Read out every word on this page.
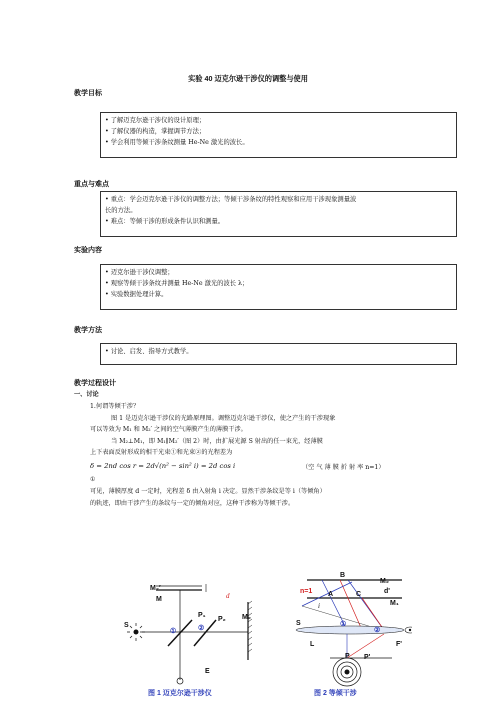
实验 40 迈克尔逊干涉仪的调整与使用
教学目标
• 了解迈克尔逊干涉仪的设计原理；
• 了解仪器的构造，掌握调节方法；
• 学会利用等倾干涉条纹测量 He-Ne 激光的波长。
重点与难点
• 重点：学会迈克尔逊干涉仪的调整方法；等倾干涉条纹的特性观察和应用干涉现象测量波
长的方法。
• 难点：等倾干涉的形成条件认识和测量。
实验内容
• 迈克尔逊干涉仪调整；
• 观察等倾干涉条纹并测量 He-Ne 激光的波长 λ；
• 实验数据处理计算。
教学方法
• 讨论、启发、指导方式教学。
教学过程设计
一、讨论
1.何谓等倾干涉？
图 1 是迈克尔逊干涉仪的光路原理图。调整迈克尔逊干涉仪，使之产生的干涉现象
可以等效为 M₁ 和 M₂′ 之间的空气薄膜产生的薄膜干涉。
当 M₂⊥M₁，即 M₁∥M₂′（图 2）时，由扩展光源 S 射出的任一束光，经薄膜
上下表面反射形成的相干光束①和光束②的光程差为
δ = 2nd cos r = 2d√(n² − sin² i) = 2d cos i	（空 气 薄 膜 折 射 率 n=1）
①
可见，薄膜厚度 d 一定时，光程差 δ 由入射角 i 决定。显然干涉条纹是等 i（等倾角）
的轨迹，即由干涉产生的条纹与一定的倾角对应，这种干涉称为等倾干涉。
M₂′
M	d
P₁
P₂ M₂
S
①	②
E
图 1 迈克尔逊干涉仪
B
M₂
n=1 A	C	d'
M₁
i
S	①
②
L
P P'
F'
图 2 等倾干涉
